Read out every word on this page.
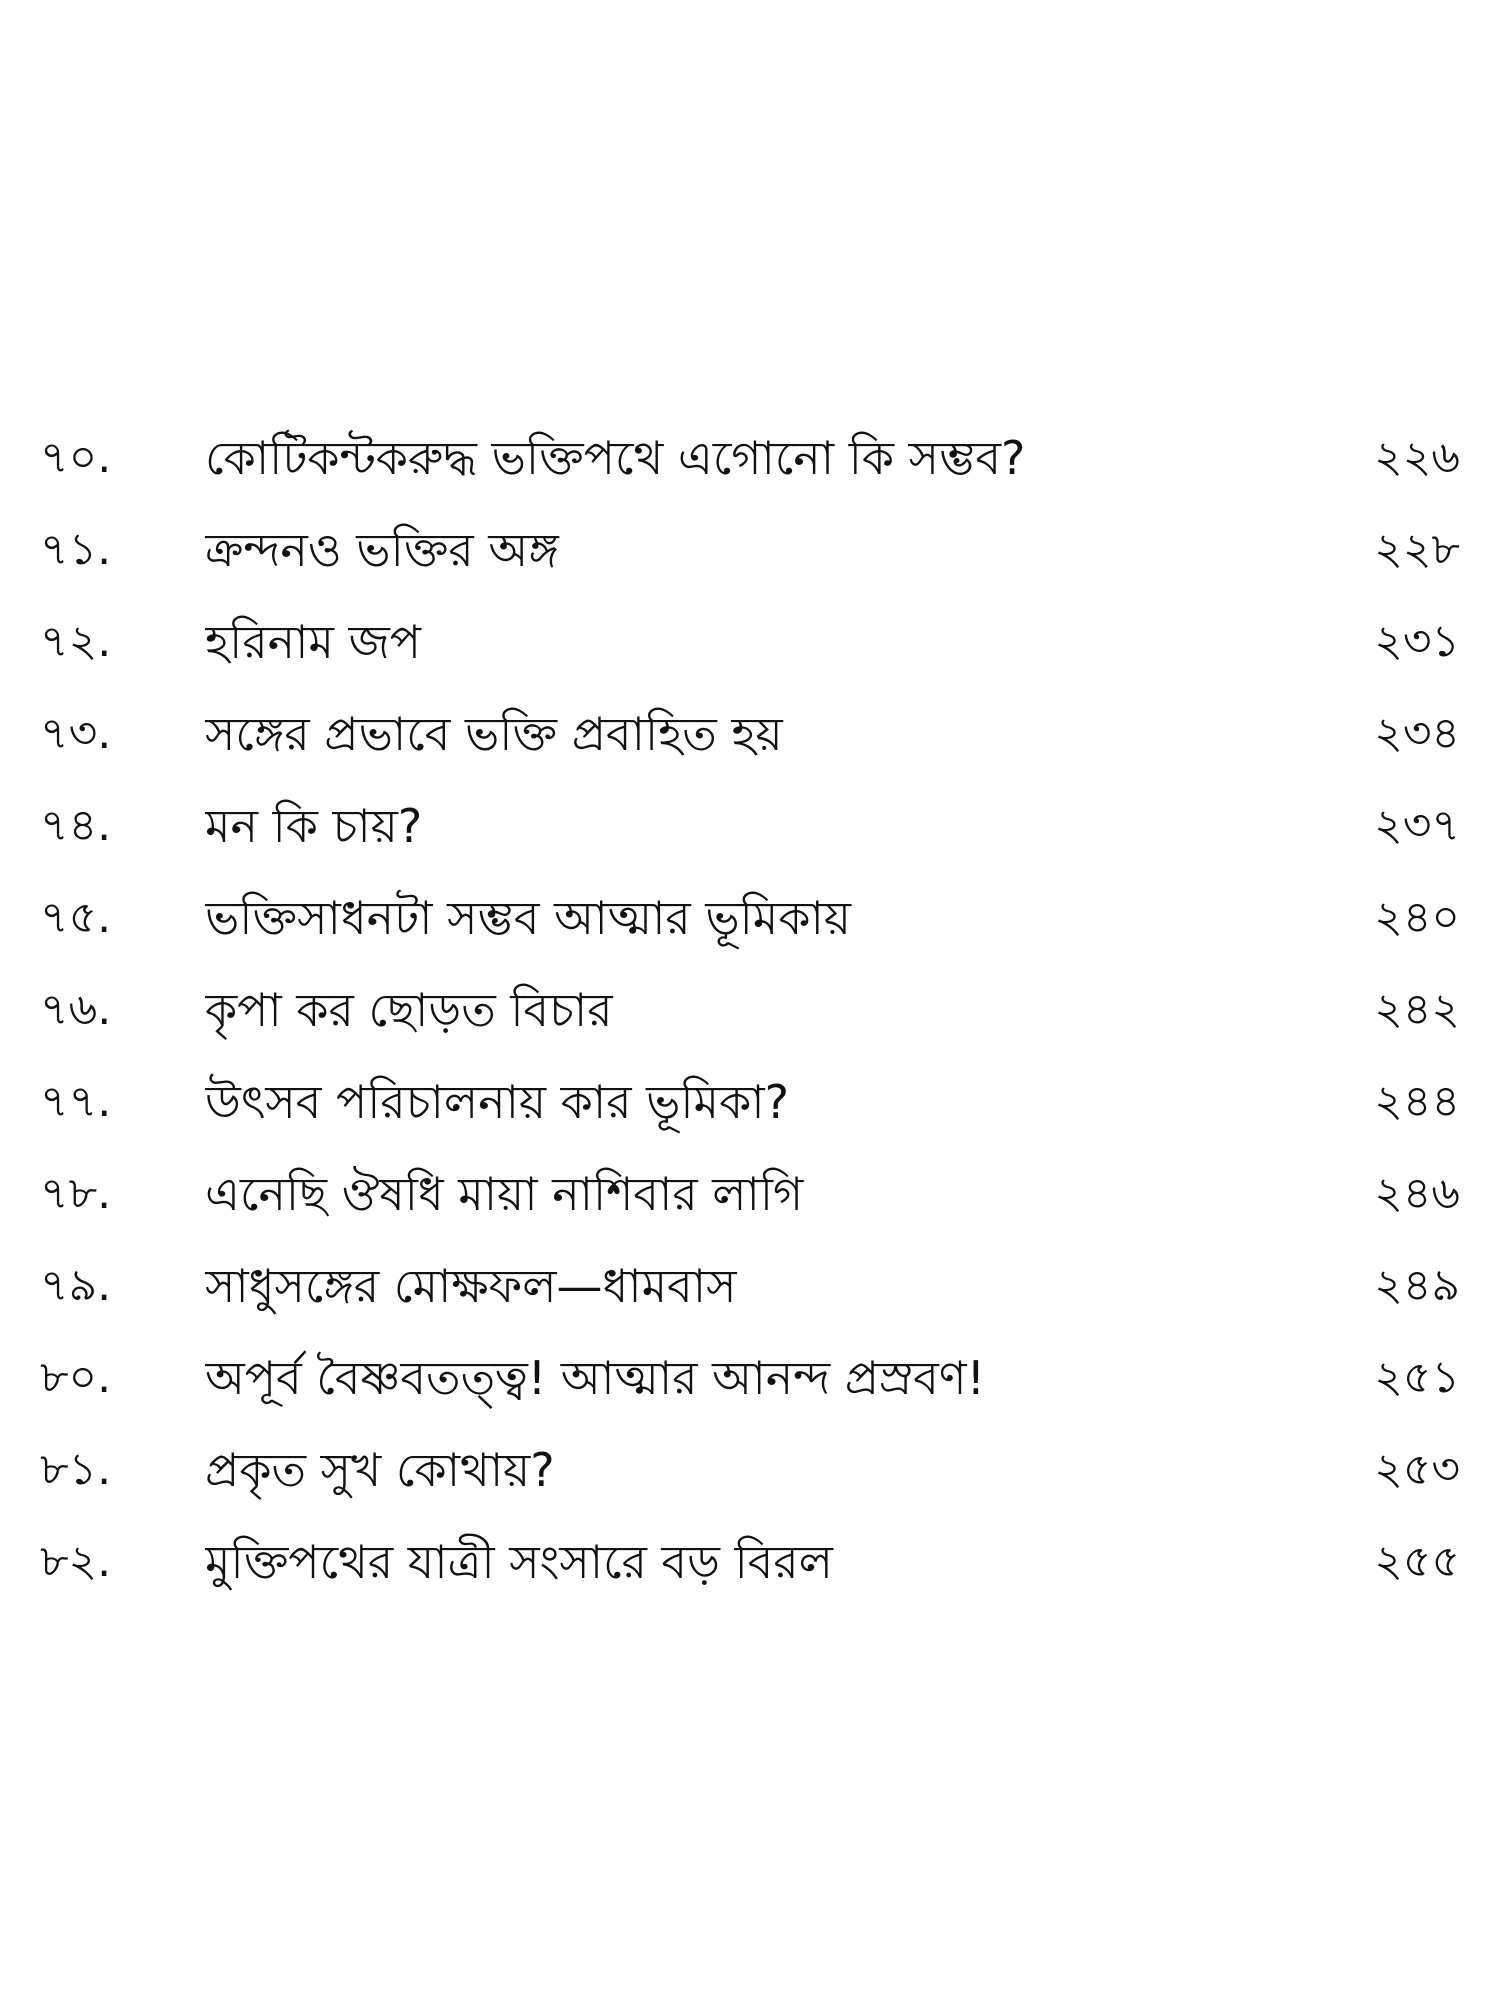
৭০.	কোটিকন্টকরুদ্ধ ভক্তিপথে এগোনো কি সম্ভব?	২২৬
৭১.	ক্রন্দনও ভক্তির অঙ্গ	২২৮
৭২.	হরিনাম জপ	২৩১
৭৩.	সঙ্গের প্রভাবে ভক্তি প্রবাহিত হয়	২৩৪
৭৪.	মন কি চায়?	২৩৭
৭৫.	ভক্তিসাধনটা সম্ভব আত্মার ভূমিকায়	২৪০
৭৬.	কৃপা কর ছোড়ত বিচার	২৪২
৭৭.	উৎসব পরিচালনায় কার ভূমিকা?	২৪৪
৭৮.	এনেছি ঔষধি মায়া নাশিবার লাগি	২৪৬
৭৯.	সাধুসঙ্গের মোক্ষফল—ধামবাস	২৪৯
৮০.	অপূর্ব বৈষ্ণবতত্ত্ব! আত্মার আনন্দ প্রস্রবণ!	২৫১
৮১.	প্রকৃত সুখ কোথায়?	২৫৩
৮২.	মুক্তিপথের যাত্রী সংসারে বড় বিরল	২৫৫
